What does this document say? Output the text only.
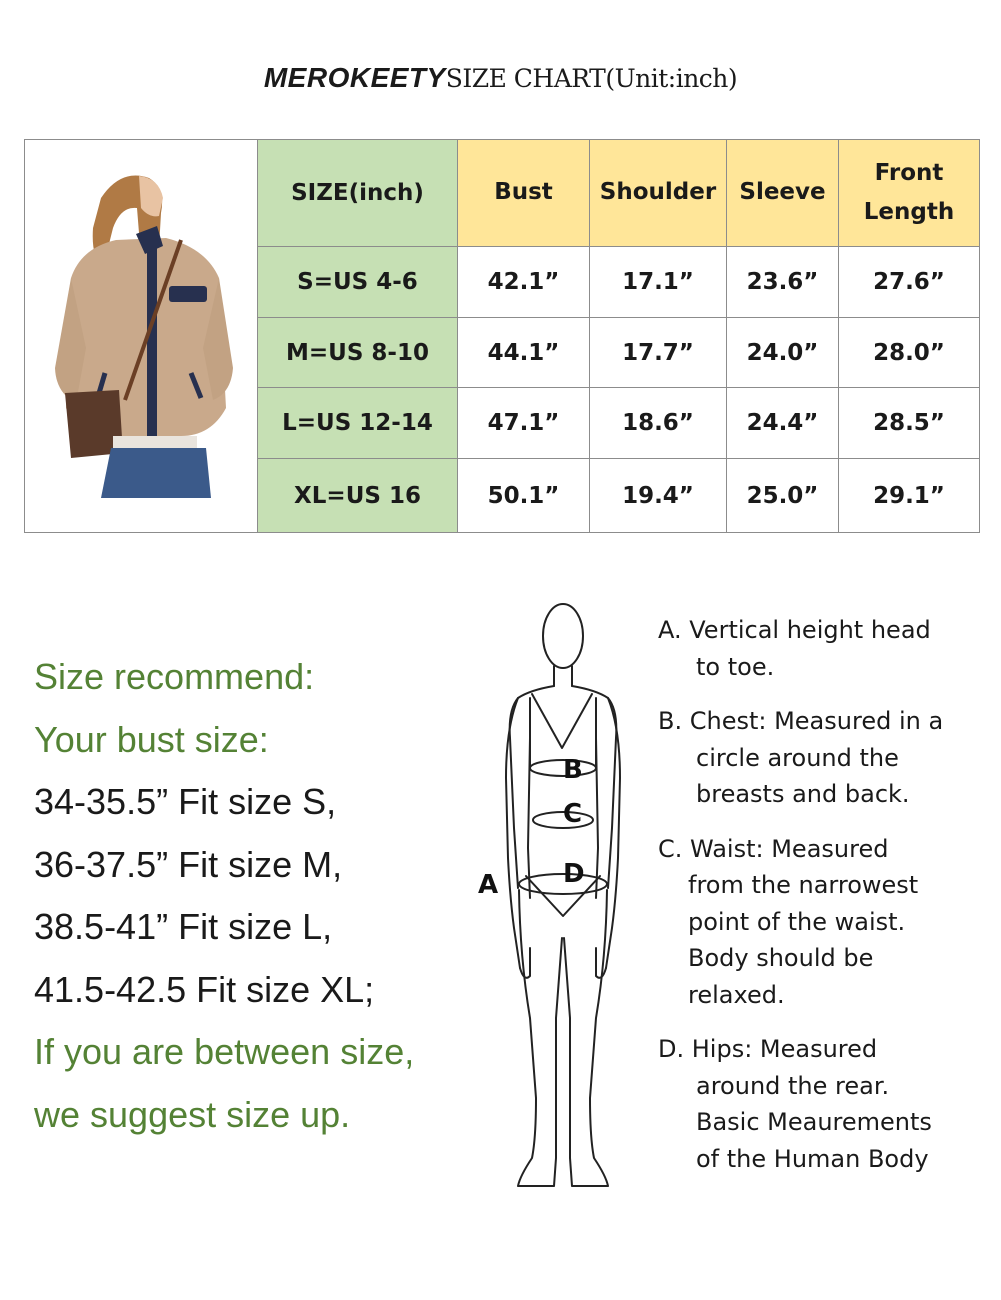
MEROKEETYSIZE CHART(Unit:inch)
	SIZE(inch)	Bust	Shoulder	Sleeve	Front
Length
	S=US 4-6	42.1”	17.1”	23.6”	27.6”
	M=US 8-10	44.1”	17.7”	24.0”	28.0”
	L=US 12-14	47.1”	18.6”	24.4”	28.5”
	XL=US 16	50.1”	19.4”	25.0”	29.1”
Size recommend:
Your bust size:
34-35.5” Fit size S,
36-37.5” Fit size M,
38.5-41” Fit size L,
41.5-42.5 Fit size XL;
If you are between size,
we suggest size up.
A
B
C
D
A. Vertical height head
to toe.
B. Chest: Measured in a
circle around the
breasts and back.
C. Waist: Measured
from the narrowest
point of the waist.
Body should be
relaxed.
D. Hips: Measured
around the rear.
Basic Meaurements
of the Human Body
